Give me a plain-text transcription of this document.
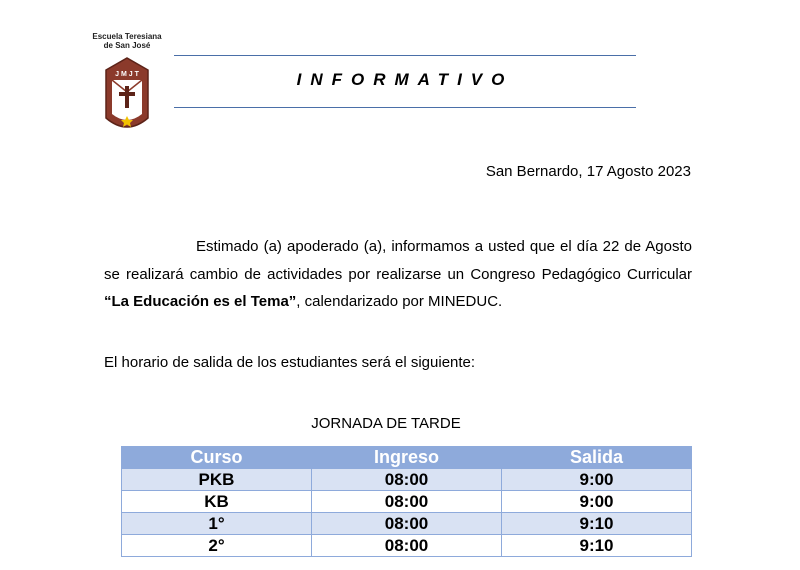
Escuela Teresiana
de San José
J M J T	INFORMATIVO
San Bernardo, 17 Agosto 2023
Estimado (a) apoderado (a), informamos a usted que el día 22 de Agosto se realizará cambio de actividades por realizarse un Congreso Pedagógico Curricular “La Educación es el Tema”, calendarizado por MINEDUC.
El horario de salida de los estudiantes será el siguiente:
JORNADA DE TARDE
Curso	Ingreso	Salida
PKB	08:00	9:00
KB	08:00	9:00
1°	08:00	9:10
2°	08:00	9:10
